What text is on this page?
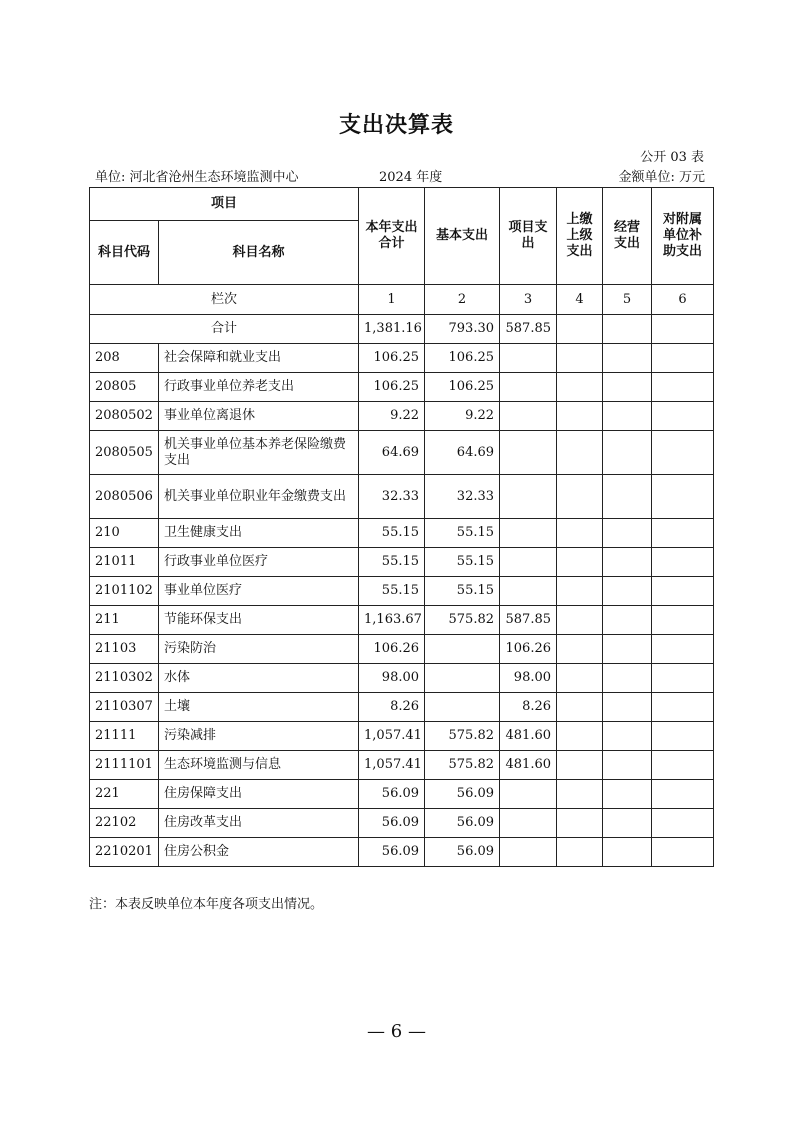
支出决算表
公开 03 表
单位: 河北省沧州生态环境监测中心	2024 年度	金额单位: 万元
项目		本年支出合计	基本支出	项目支出	上缴上级支出	经营支出	对附属单位补助支出
科目代码	科目名称						
栏次		1	2	3	4	5	6
合计		1,381.16	793.30	587.85			
208	社会保障和就业支出	106.25	106.25				
20805	行政事业单位养老支出	106.25	106.25				
2080502	事业单位离退休	9.22	9.22				
2080505	机关事业单位基本养老保险缴费支出	64.69	64.69				
2080506	机关事业单位职业年金缴费支出	32.33	32.33				
210	卫生健康支出	55.15	55.15				
21011	行政事业单位医疗	55.15	55.15				
2101102	事业单位医疗	55.15	55.15				
211	节能环保支出	1,163.67	575.82	587.85			
21103	污染防治	106.26		106.26			
2110302	水体	98.00		98.00			
2110307	土壤	8.26		8.26			
21111	污染减排	1,057.41	575.82	481.60			
2111101	生态环境监测与信息	1,057.41	575.82	481.60			
221	住房保障支出	56.09	56.09				
22102	住房改革支出	56.09	56.09				
2210201	住房公积金	56.09	56.09				
注：本表反映单位本年度各项支出情况。
— 6 —
